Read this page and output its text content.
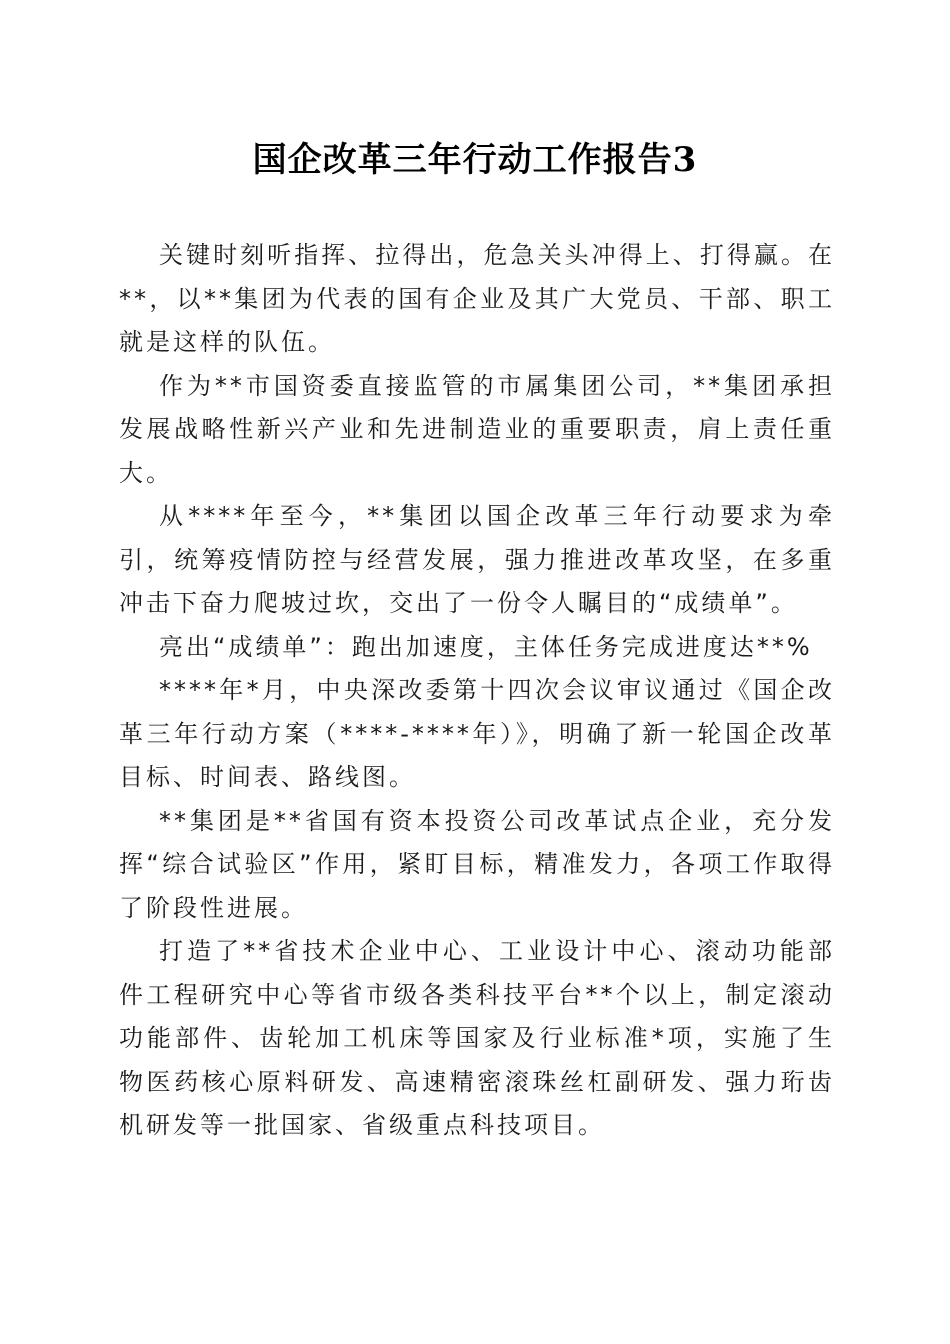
国企改革三年行动工作报告3

关键时刻听指挥、拉得出，危急关头冲得上、打得赢。在**，以**集团为代表的国有企业及其广大党员、干部、职工就是这样的队伍。

作为**市国资委直接监管的市属集团公司，**集团承担发展战略性新兴产业和先进制造业的重要职责，肩上责任重大。

从****年至今，**集团以国企改革三年行动要求为牵引，统筹疫情防控与经营发展，强力推进改革攻坚，在多重冲击下奋力爬坡过坎，交出了一份令人瞩目的“成绩单”。

亮出“成绩单”：跑出加速度，主体任务完成进度达**%

****年*月，中央深改委第十四次会议审议通过《国企改革三年行动方案（****-****年）》，明确了新一轮国企改革目标、时间表、路线图。

**集团是**省国有资本投资公司改革试点企业，充分发挥“综合试验区”作用，紧盯目标，精准发力，各项工作取得了阶段性进展。

打造了**省技术企业中心、工业设计中心、滚动功能部件工程研究中心等省市级各类科技平台**个以上，制定滚动功能部件、齿轮加工机床等国家及行业标准*项，实施了生物医药核心原料研发、高速精密滚珠丝杠副研发、强力珩齿机研发等一批国家、省级重点科技项目。
